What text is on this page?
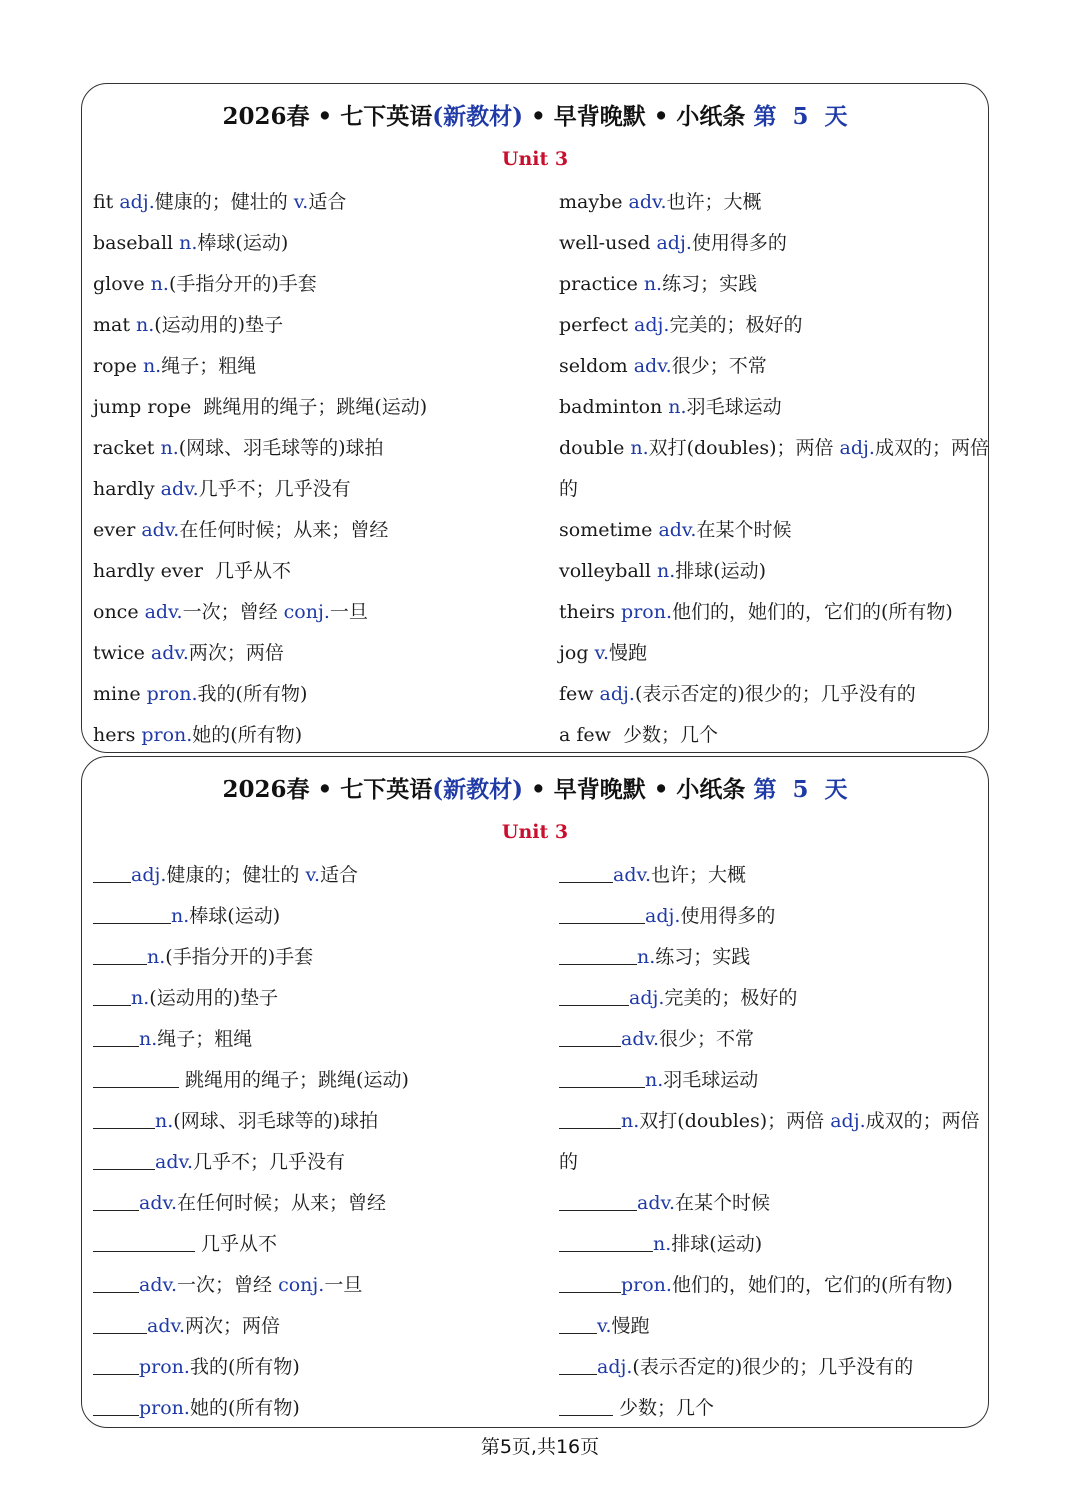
2026春 • 七下英语(新教材) • 早背晚默 • 小纸条 第 5 天
Unit 3
fit adj.健康的；健壮的 v.适合
baseball n.棒球(运动)
glove n.(手指分开的)手套
mat n.(运动用的)垫子
rope n.绳子；粗绳
jump rope 跳绳用的绳子；跳绳(运动)
racket n.(网球、羽毛球等的)球拍
hardly adv.几乎不；几乎没有
ever adv.在任何时候；从来；曾经
hardly ever 几乎从不
once adv.一次；曾经 conj.一旦
twice adv.两次；两倍
mine pron.我的(所有物)
hers pron.她的(所有物)
maybe adv.也许；大概
well-used adj.使用得多的
practice n.练习；实践
perfect adj.完美的；极好的
seldom adv.很少；不常
badminton n.羽毛球运动
double n.双打(doubles)；两倍 adj.成双的；两倍
的
sometime adv.在某个时候
volleyball n.排球(运动)
theirs pron.他们的，她们的，它们的(所有物)
jog v.慢跑
few adj.(表示否定的)很少的；几乎没有的
a few 少数；几个
2026春 • 七下英语(新教材) • 早背晚默 • 小纸条 第 5 天
Unit 3
adj.健康的；健壮的 v.适合
n.棒球(运动)
n.(手指分开的)手套
n.(运动用的)垫子
n.绳子；粗绳
跳绳用的绳子；跳绳(运动)
n.(网球、羽毛球等的)球拍
adv.几乎不；几乎没有
adv.在任何时候；从来；曾经
几乎从不
adv.一次；曾经 conj.一旦
adv.两次；两倍
pron.我的(所有物)
pron.她的(所有物)
adv.也许；大概
adj.使用得多的
n.练习；实践
adj.完美的；极好的
adv.很少；不常
n.羽毛球运动
n.双打(doubles)；两倍 adj.成双的；两倍
的
adv.在某个时候
n.排球(运动)
pron.他们的，她们的，它们的(所有物)
v.慢跑
adj.(表示否定的)很少的；几乎没有的
少数；几个
第5页,共16页
